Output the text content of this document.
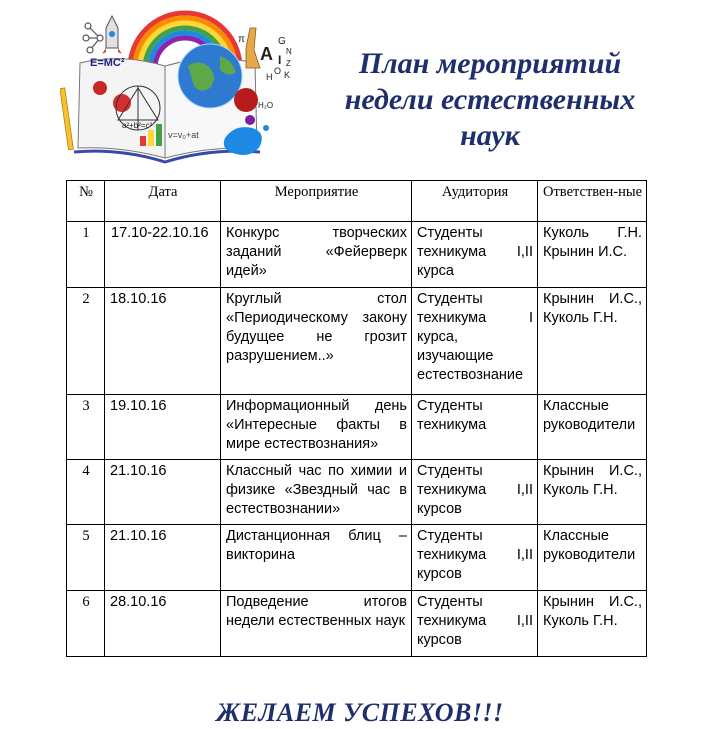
E=MC²
a²+b²=c²
v=v₀+at
H₂O
A
G
N
I
O K
H
Z
π
План мероприятий
недели естественных
наук
№	Дата	Мероприятие	Аудитория	Ответствен-ные
1	17.10-22.10.16	Конкурс творческих заданий «Фейерверк идей»	Студенты техникума I,II курса	Куколь Г.Н. Крынин И.С.
2	18.10.16	Круглый стол «Периодическому закону будущее не грозит разрушением..»	Студенты техникума I курса, изучающие естествознание	Крынин И.С., Куколь Г.Н.
3	19.10.16	Информационный день «Интересные факты в мире естествознания»	Студенты техникума	Классные руководители
4	21.10.16	Классный час по химии и физике «Звездный час в естествознании»	Студенты техникума I,II курсов	Крынин И.С., Куколь Г.Н.
5	21.10.16	Дистанционная блиц – викторина	Студенты техникума I,II курсов	Классные руководители
6	28.10.16	Подведение итогов недели естественных наук	Студенты техникума I,II курсов	Крынин И.С., Куколь Г.Н.
ЖЕЛАЕМ УСПЕХОВ!!!
